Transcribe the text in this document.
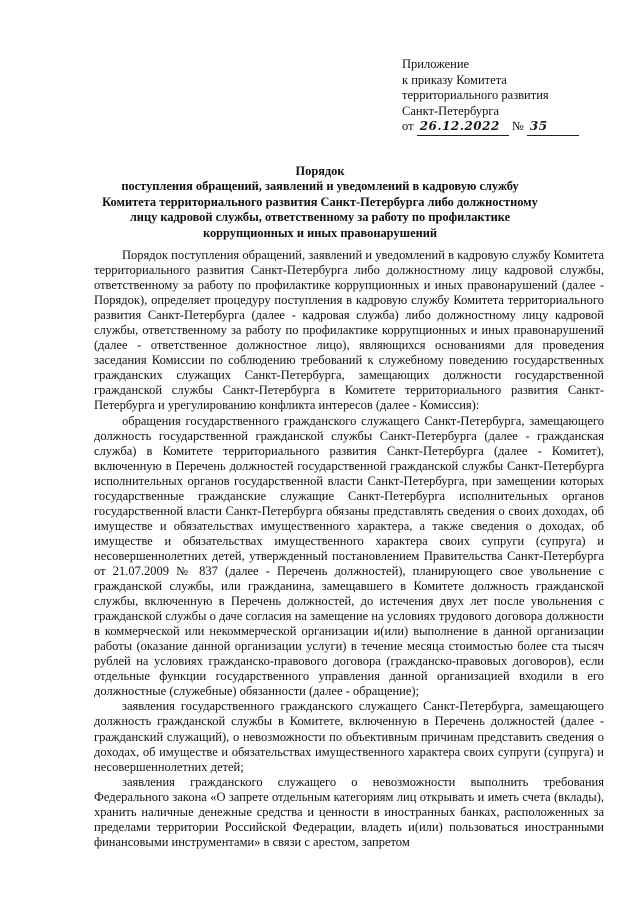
Приложение
к приказу Комитета
территориального развития
Санкт-Петербурга
от 26.12.2022 № 35
Порядок
поступления обращений, заявлений и уведомлений в кадровую службу
Комитета территориального развития Санкт-Петербурга либо должностному
лицу кадровой службы, ответственному за работу по профилактике
коррупционных и иных правонарушений

Порядок поступления обращений, заявлений и уведомлений в кадровую службу Комитета территориального развития Санкт-Петербурга либо должностному лицу кадровой службы, ответственному за работу по профилактике коррупционных и иных правонарушений (далее - Порядок), определяет процедуру поступления в кадровую службу Комитета территориального развития Санкт-Петербурга (далее - кадровая служба) либо должностному лицу кадровой службы, ответственному за работу по профилактике коррупционных и иных правонарушений (далее - ответственное должностное лицо), являющихся основаниями для проведения заседания Комиссии по соблюдению требований к служебному поведению государственных гражданских служащих Санкт-Петербурга, замещающих должности государственной гражданской службы Санкт-Петербурга в Комитете территориального развития Санкт-Петербурга и урегулированию конфликта интересов (далее - Комиссия):

обращения государственного гражданского служащего Санкт-Петербурга, замещающего должность государственной гражданской службы Санкт-Петербурга (далее - гражданская служба) в Комитете территориального развития Санкт-Петербурга (далее - Комитет), включенную в Перечень должностей государственной гражданской службы Санкт-Петербурга исполнительных органов государственной власти Санкт-Петербурга, при замещении которых государственные гражданские служащие Санкт-Петербурга исполнительных органов государственной власти Санкт-Петербурга обязаны представлять сведения о своих доходах, об имуществе и обязательствах имущественного характера, а также сведения о доходах, об имуществе и обязательствах имущественного характера своих супруги (супруга) и несовершеннолетних детей, утвержденный постановлением Правительства Санкт-Петербурга от 21.07.2009 № 837 (далее - Перечень должностей), планирующего свое увольнение с гражданской службы, или гражданина, замещавшего в Комитете должность гражданской службы, включенную в Перечень должностей, до истечения двух лет после увольнения с гражданской службы о даче согласия на замещение на условиях трудового договора должности в коммерческой или некоммерческой организации и(или) выполнение в данной организации работы (оказание данной организации услуги) в течение месяца стоимостью более ста тысяч рублей на условиях гражданско-правового договора (гражданско-правовых договоров), если отдельные функции государственного управления данной организацией входили в его должностные (служебные) обязанности (далее - обращение);

заявления государственного гражданского служащего Санкт-Петербурга, замещающего должность гражданской службы в Комитете, включенную в Перечень должностей (далее - гражданский служащий), о невозможности по объективным причинам представить сведения о доходах, об имуществе и обязательствах имущественного характера своих супруги (супруга) и несовершеннолетних детей;

заявления гражданского служащего о невозможности выполнить требования Федерального закона «О запрете отдельным категориям лиц открывать и иметь счета (вклады), хранить наличные денежные средства и ценности в иностранных банках, расположенных за пределами территории Российской Федерации, владеть и(или) пользоваться иностранными финансовыми инструментами» в связи с арестом, запретом
